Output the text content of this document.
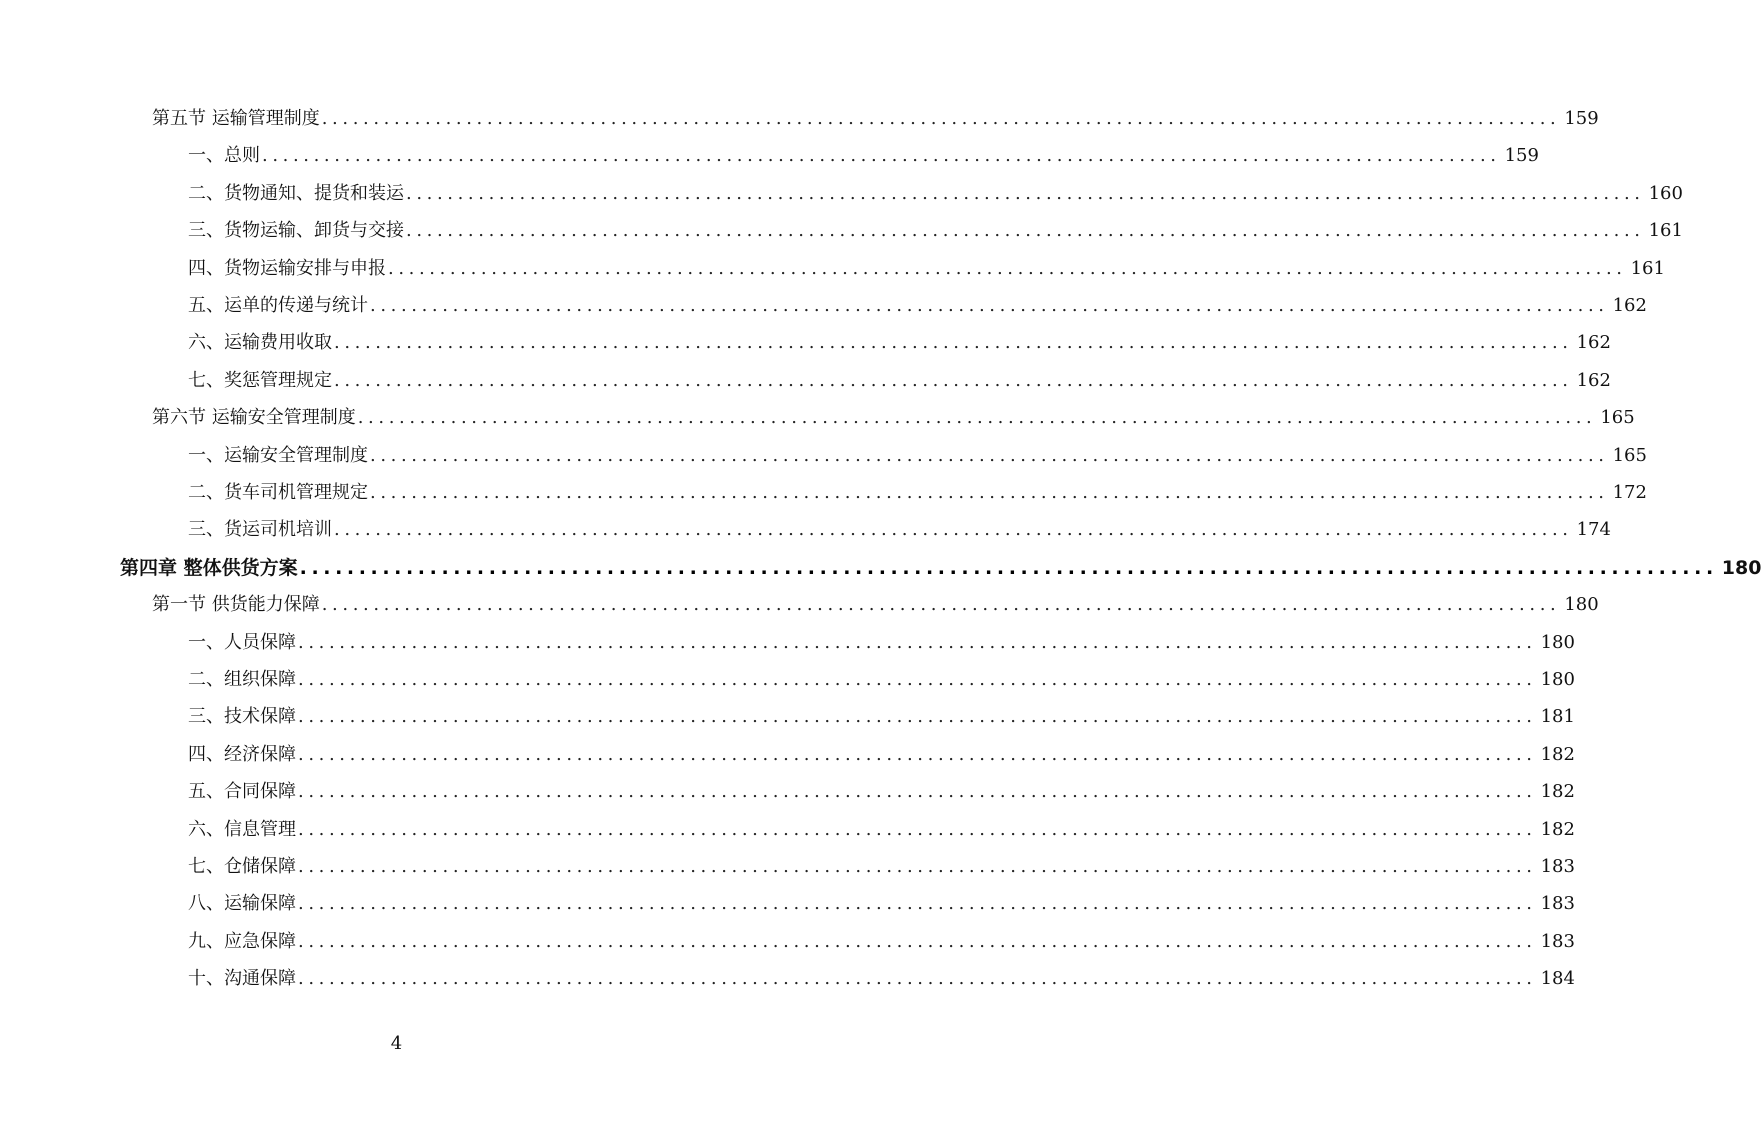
第五节 运输管理制度 ........................................................................................................................ 159
一、总则 ........................................................................................................................ 159
二、货物通知、提货和装运 ........................................................................................................................ 160
三、货物运输、卸货与交接 ........................................................................................................................ 161
四、货物运输安排与申报 ........................................................................................................................ 161
五、运单的传递与统计 ........................................................................................................................ 162
六、运输费用收取 ........................................................................................................................ 162
七、奖惩管理规定 ........................................................................................................................ 162
第六节 运输安全管理制度 ........................................................................................................................ 165
一、运输安全管理制度 ........................................................................................................................ 165
二、货车司机管理规定 ........................................................................................................................ 172
三、货运司机培训 ........................................................................................................................ 174
第四章 整体供货方案 ........................................................................................................................ 180
第一节 供货能力保障 ........................................................................................................................ 180
一、人员保障 ........................................................................................................................ 180
二、组织保障 ........................................................................................................................ 180
三、技术保障 ........................................................................................................................ 181
四、经济保障 ........................................................................................................................ 182
五、合同保障 ........................................................................................................................ 182
六、信息管理 ........................................................................................................................ 182
七、仓储保障 ........................................................................................................................ 183
八、运输保障 ........................................................................................................................ 183
九、应急保障 ........................................................................................................................ 183
十、沟通保障 ........................................................................................................................ 184
4
